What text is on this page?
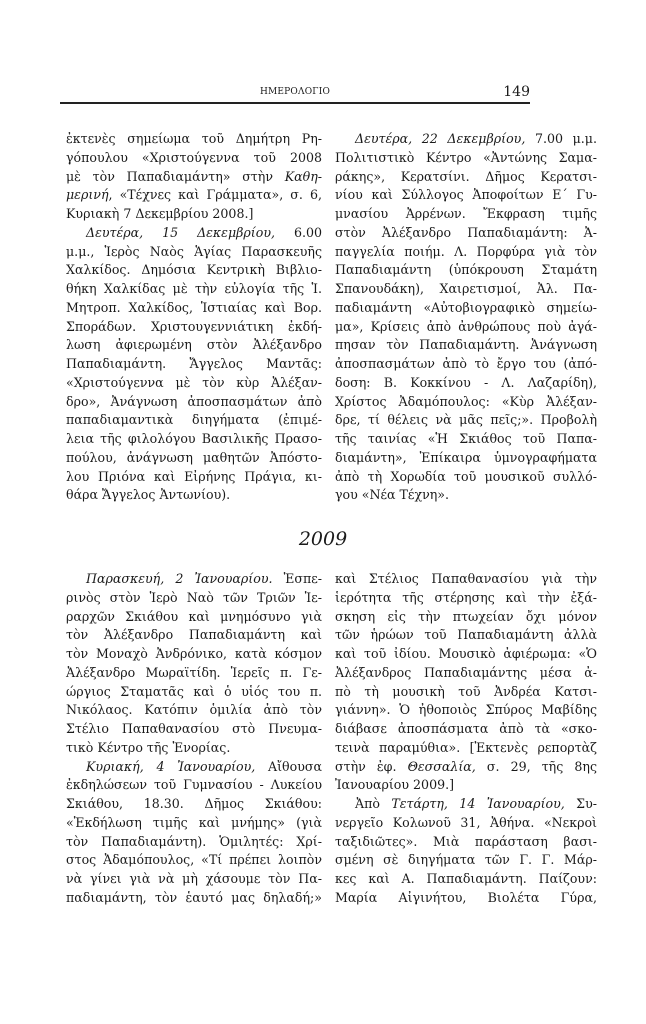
ΗΜΕΡΟΛΟΓΙΟ	149
ἐκτενὲς σημείωμα τοῦ Δημήτρη Ρη-
γόπουλου «Χριστούγεννα τοῦ 2008
μὲ τὸν Παπαδιαμάντη» στὴν Καθη-
μερινή, «Τέχνες καὶ Γράμματα», σ. 6,
Κυριακὴ 7 Δεκεμβρίου 2008.]
Δευτέρα, 15 Δεκεμβρίου, 6.00
μ.μ., Ἱερὸς Ναὸς Ἁγίας Παρασκευῆς
Χαλκίδος. Δημόσια Κεντρικὴ Βιβλιο-
θήκη Χαλκίδας μὲ τὴν εὐλογία τῆς Ἱ.
Μητροπ. Χαλκίδος, Ἱστιαίας καὶ Βορ.
Σποράδων. Χριστουγεννιάτικη ἐκδή-
λωση ἀφιερωμένη στὸν Ἀλέξανδρο
Παπαδιαμάντη. Ἄγγελος Μαντᾶς:
«Χριστούγεννα μὲ τὸν κὺρ Ἀλέξαν-
δρο», Ἀνάγνωση ἀποσπασμάτων ἀπὸ
παπαδιαμαντικὰ διηγήματα (ἐπιμέ-
λεια τῆς φιλολόγου Βασιλικῆς Πρασο-
πούλου, ἀνάγνωση μαθητῶν Ἀπόστο-
λου Πριόνα καὶ Εἰρήνης Πράγια, κι-
θάρα Ἄγγελος Ἀντωνίου).
Δευτέρα, 22 Δεκεμβρίου, 7.00 μ.μ.
Πολιτιστικὸ Κέντρο «Ἀντώνης Σαμα-
ράκης», Κερατσίνι. Δῆμος Κερατσι-
νίου καὶ Σύλλογος Ἀποφοίτων Ε΄ Γυ-
μνασίου Ἀρρένων. Ἔκφραση τιμῆς
στὸν Ἀλέξανδρο Παπαδιαμάντη: Ἀ-
παγγελία ποιήμ. Λ. Πορφύρα γιὰ τὸν
Παπαδιαμάντη (ὑπόκρουση Σταμάτη
Σπανουδάκη), Χαιρετισμοί, Ἀλ. Πα-
παδιαμάντη «Αὐτοβιογραφικὸ σημείω-
μα», Κρίσεις ἀπὸ ἀνθρώπους ποὺ ἀγά-
πησαν τὸν Παπαδιαμάντη. Ἀνάγνωση
ἀποσπασμάτων ἀπὸ τὸ ἔργο του (ἀπό-
δοση: Β. Κοκκίνου - Λ. Λαζαρίδη),
Χρίστος Ἀδαμόπουλος: «Κὺρ Ἀλέξαν-
δρε, τί θέλεις νὰ μᾶς πεῖς;». Προβολὴ
τῆς ταινίας «Ἡ Σκιάθος τοῦ Παπα-
διαμάντη», Ἐπίκαιρα ὑμνογραφήματα
ἀπὸ τὴ Χορωδία τοῦ μουσικοῦ συλλό-
γου «Νέα Τέχνη».
2009
Παρασκευή, 2 Ἰανουαρίου. Ἐσπε-
ρινὸς στὸν Ἱερὸ Ναὸ τῶν Τριῶν Ἱε-
ραρχῶν Σκιάθου καὶ μνημόσυνο γιὰ
τὸν Ἀλέξανδρο Παπαδιαμάντη καὶ
τὸν Μοναχὸ Ἀνδρόνικο, κατὰ κόσμον
Ἀλέξανδρο Μωραϊτίδη. Ἱερεῖς π. Γε-
ώργιος Σταματᾶς καὶ ὁ υἱός του π.
Νικόλαος. Κατόπιν ὁμιλία ἀπὸ τὸν
Στέλιο Παπαθανασίου στὸ Πνευμα-
τικὸ Κέντρο τῆς Ἐνορίας.
Κυριακή, 4 Ἰανουαρίου, Αἴθουσα
ἐκδηλώσεων τοῦ Γυμνασίου - Λυκείου
Σκιάθου, 18.30. Δῆμος Σκιάθου:
«Ἐκδήλωση τιμῆς καὶ μνήμης» (γιὰ
τὸν Παπαδιαμάντη). Ὁμιλητές: Χρί-
στος Ἀδαμόπουλος, «Τί πρέπει λοιπὸν
νὰ γίνει γιὰ νὰ μὴ χάσουμε τὸν Πα-
παδιαμάντη, τὸν ἑαυτό μας δηλαδή;»
καὶ Στέλιος Παπαθανασίου γιὰ τὴν
ἱερότητα τῆς στέρησης καὶ τὴν ἐξά-
σκηση εἰς τὴν πτωχείαν ὄχι μόνον
τῶν ἡρώων τοῦ Παπαδιαμάντη ἀλλὰ
καὶ τοῦ ἰδίου. Μουσικὸ ἀφιέρωμα: «Ὁ
Ἀλέξανδρος Παπαδιαμάντης μέσα ἀ-
πὸ τὴ μουσικὴ τοῦ Ἀνδρέα Κατσι-
γιάννη». Ὁ ἠθοποιὸς Σπύρος Μαβίδης
διάβασε ἀποσπάσματα ἀπὸ τὰ «σκο-
τεινὰ παραμύθια». [Ἐκτενὲς ρεπορτὰζ
στὴν ἐφ. Θεσσαλία, σ. 29, τῆς 8ης
Ἰανουαρίου 2009.]
Ἀπὸ Τετάρτη, 14 Ἰανουαρίου, Συ-
νεργεῖο Κολωνοῦ 31, Ἀθήνα. «Νεκροὶ
ταξιδιῶτες». Μιὰ παράσταση βασι-
σμένη σὲ διηγήματα τῶν Γ. Γ. Μάρ-
κες καὶ Α. Παπαδιαμάντη. Παίζουν:
Μαρία Αἰγινήτου, Βιολέτα Γύρα,
